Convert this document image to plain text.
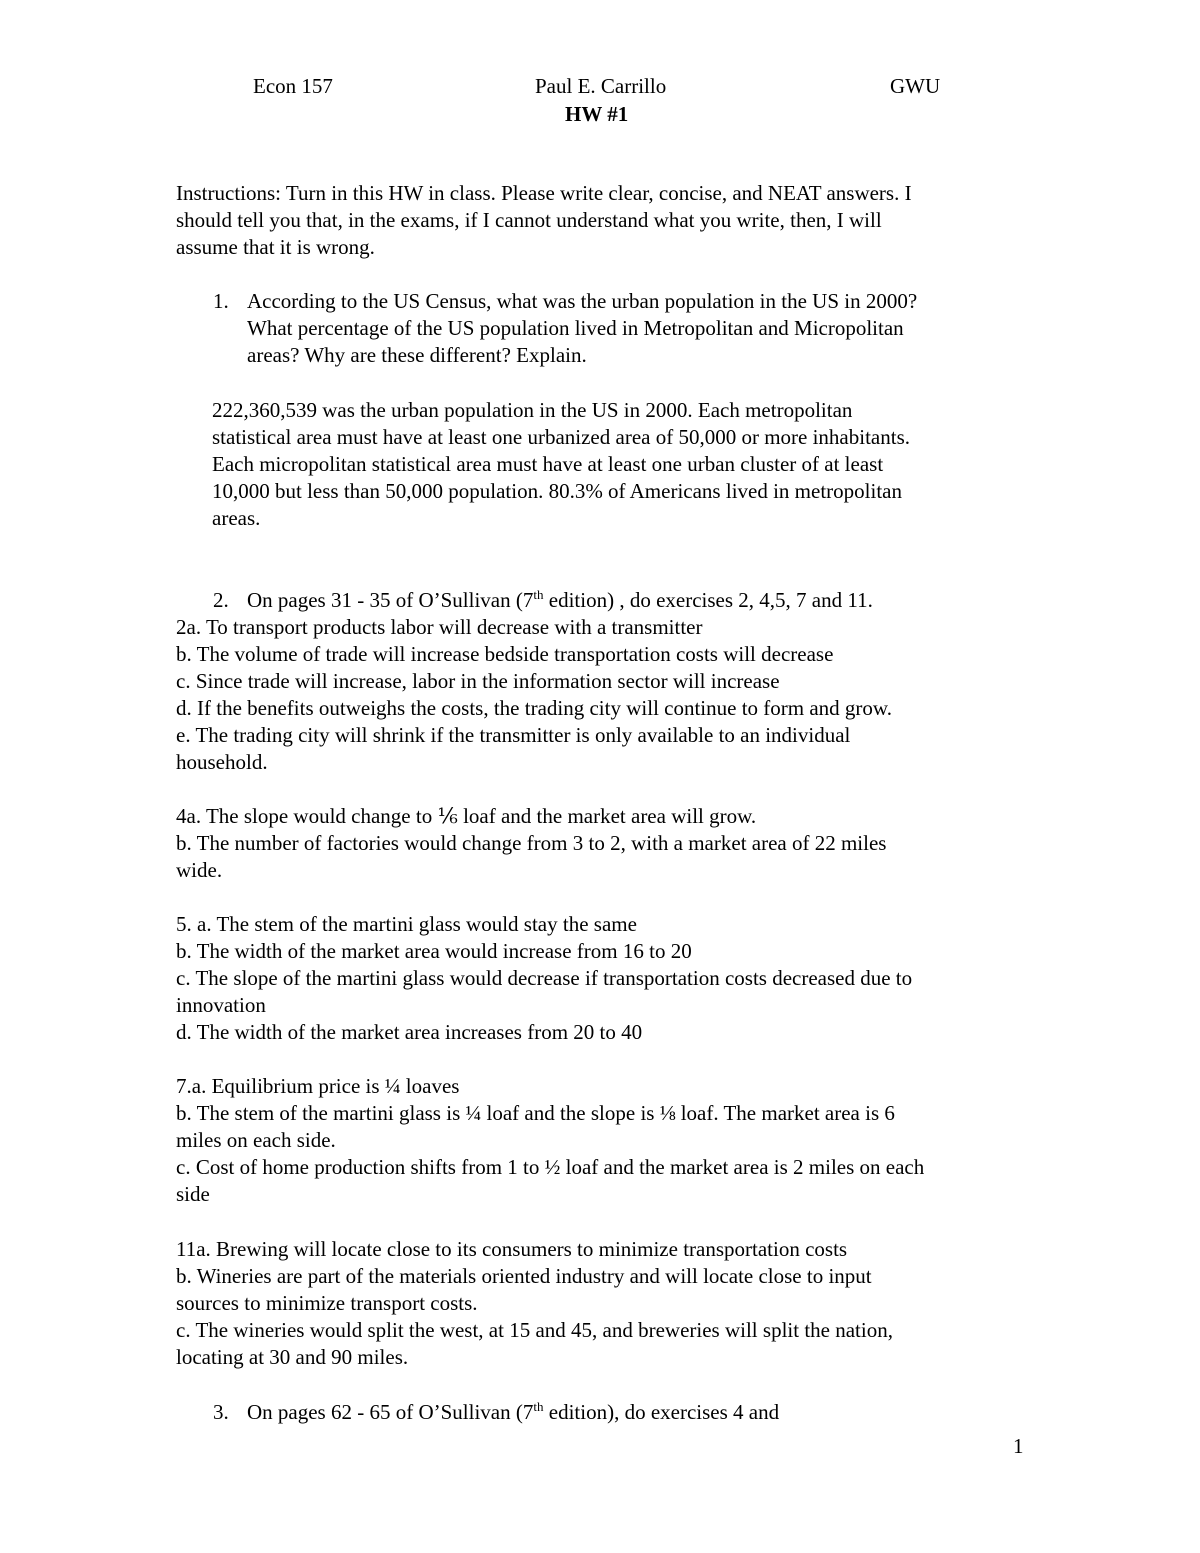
Econ 157	Paul E. Carrillo	GWU
HW #1
Instructions: Turn in this HW in class. Please write clear, concise, and NEAT answers. I
should tell you that, in the exams, if I cannot understand what you write, then, I will
assume that it is wrong.
1. According to the US Census, what was the urban population in the US in 2000?
What percentage of the US population lived in Metropolitan and Micropolitan
areas? Why are these different? Explain.
222,360,539 was the urban population in the US in 2000. Each metropolitan
statistical area must have at least one urbanized area of 50,000 or more inhabitants.
Each micropolitan statistical area must have at least one urban cluster of at least
10,000 but less than 50,000 population. 80.3% of Americans lived in metropolitan
areas.
2. On pages 31 - 35 of O’Sullivan (7th edition) , do exercises 2, 4,5, 7 and 11.
2a. To transport products labor will decrease with a transmitter
b. The volume of trade will increase bedside transportation costs will decrease
c. Since trade will increase, labor in the information sector will increase
d. If the benefits outweighs the costs, the trading city will continue to form and grow.
e. The trading city will shrink if the transmitter is only available to an individual
household.
4a. The slope would change to ⅙ loaf and the market area will grow.
b. The number of factories would change from 3 to 2, with a market area of 22 miles
wide.
5. a. The stem of the martini glass would stay the same
b. The width of the market area would increase from 16 to 20
c. The slope of the martini glass would decrease if transportation costs decreased due to
innovation
d. The width of the market area increases from 20 to 40
7.a. Equilibrium price is ¼ loaves
b. The stem of the martini glass is ¼ loaf and the slope is ⅛ loaf. The market area is 6
miles on each side.
c. Cost of home production shifts from 1 to ½ loaf and the market area is 2 miles on each
side
11a. Brewing will locate close to its consumers to minimize transportation costs
b. Wineries are part of the materials oriented industry and will locate close to input
sources to minimize transport costs.
c. The wineries would split the west, at 15 and 45, and breweries will split the nation,
locating at 30 and 90 miles.
3. On pages 62 - 65 of O’Sullivan (7th edition), do exercises 4 and
1
